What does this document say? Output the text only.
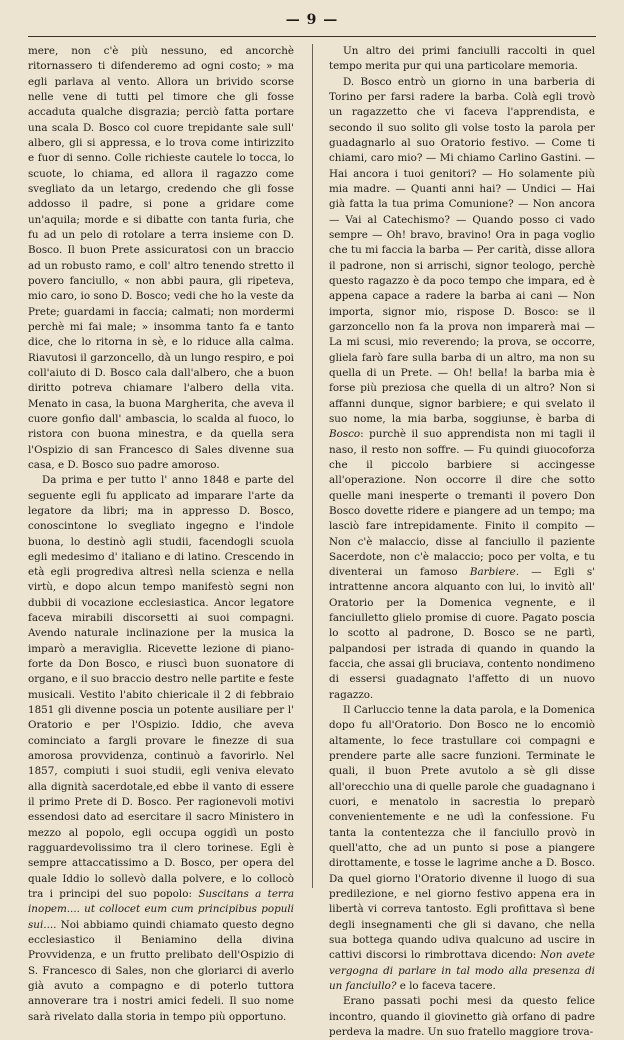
— 9 —

mere, non c'è più nessuno, ed ancorchè ritornassero ti difenderemo ad ogni costo; » ma egli parlava al vento. Allora un brivido scorse nelle vene di tutti pel timore che gli fosse accaduta qualche disgrazia; perciò fatta portare una scala D. Bosco col cuore trepidante sale sull' albero, gli si appressa, e lo trova come intirizzito e fuor di senno. Colle richieste cautele lo tocca, lo scuote, lo chiama, ed allora il ragazzo come svegliato da un letargo, credendo che gli fosse addosso il padre, si pone a gridare come un'aquila; morde e si dibatte con tanta furia, che fu ad un pelo di rotolare a terra insieme con D. Bosco. Il buon Prete assicuratosi con un braccio ad un robusto ramo, e coll' altro tenendo stretto il povero fanciullo, « non abbi paura, gli ripeteva, mio caro, io sono D. Bosco; vedi che ho la veste da Prete; guardami in faccia; calmati; non mordermi perchè mi fai male; » insomma tanto fa e tanto dice, che lo ritorna in sè, e lo riduce alla calma. Riavutosi il garzoncello, dà un lungo respiro, e poi coll'aiuto di D. Bosco cala dall'albero, che a buon diritto potreva chiamare l'albero della vita. Menato in casa, la buona Margherita, che aveva il cuore gonfio dall' ambascia, lo scalda al fuoco, lo ristora con buona minestra, e da quella sera l'Ospizio di san Francesco di Sales divenne sua casa, e D. Bosco suo padre amoroso.

Da prima e per tutto l' anno 1848 e parte del seguente egli fu applicato ad imparare l'arte da legatore da libri; ma in appresso D. Bosco, conoscintone lo svegliato ingegno e l'indole buona, lo destinò agli studii, facendogli scuola egli medesimo d' italiano e di latino. Crescendo in età egli progrediva altresì nella scienza e nella virtù, e dopo alcun tempo manifestò segni non dubbii di vocazione ecclesiastica. Ancor legatore faceva mirabili discorsetti ai suoi compagni. Avendo naturale inclinazione per la musica la imparò a meraviglia. Ricevette lezione di piano-forte da Don Bosco, e riuscì buon suonatore di organo, e il suo braccio destro nelle partite e feste musicali. Vestito l'abito chiericale il 2 di febbraio 1851 gli divenne poscia un potente ausiliare per l' Oratorio e per l'Ospizio. Iddio, che aveva cominciato a fargli provare le finezze di sua amorosa provvidenza, continuò a favorirlo. Nel 1857, compiuti i suoi studii, egli veniva elevato alla dignità sacerdotale,ed ebbe il vanto di essere il primo Prete di D. Bosco. Per ragionevoli motivi essendosi dato ad esercitare il sacro Ministero in mezzo al popolo, egli occupa oggidì un posto ragguardevolissimo tra il clero torinese. Egli è sempre attaccatissimo a D. Bosco, per opera del quale Iddio lo sollevò dalla polvere, e lo collocò tra i principi del suo popolo: Suscitans a terra inopem.... ut collocet eum cum principibus populi sui.... Noi abbiamo quindi chiamato questo degno ecclesiastico il Beniamino della divina Provvidenza, e un frutto prelibato dell'Ospizio di S. Francesco di Sales, non che gloriarci di averlo già avuto a compagno e di poterlo tuttora annoverare tra i nostri amici fedeli. Il suo nome sarà rivelato dalla storia in tempo più opportuno.

Un altro dei primi fanciulli raccolti in quel tempo merita pur qui una particolare memoria.

D. Bosco entrò un giorno in una barberia di Torino per farsi radere la barba. Colà egli trovò un ragazzetto che vi faceva l'apprendista, e secondo il suo solito gli volse tosto la parola per guadagnarlo al suo Oratorio festivo. — Come ti chiami, caro mio? — Mi chiamo Carlino Gastini. — Hai ancora i tuoi genitori? — Ho solamente più mia madre. — Quanti anni hai? — Undici — Hai già fatta la tua prima Comunione? — Non ancora — Vai al Catechismo? — Quando posso ci vado sempre — Oh! bravo, bravino! Ora in paga voglio che tu mi faccia la barba — Per carità, disse allora il padrone, non si arrischi, signor teologo, perchè questo ragazzo è da poco tempo che impara, ed è appena capace a radere la barba ai cani — Non importa, signor mio, rispose D. Bosco: se il garzoncello non fa la prova non imparerà mai — La mi scusi, mio reverendo; la prova, se occorre, gliela farò fare sulla barba di un altro, ma non su quella di un Prete. — Oh! bella! la barba mia è forse più preziosa che quella di un altro? Non si affanni dunque, signor barbiere; e qui svelato il suo nome, la mia barba, soggiunse, è barba di Bosco: purchè il suo apprendista non mi tagli il naso, il resto non soffre. — Fu quindi giuocoforza che il piccolo barbiere si accingesse all'operazione. Non occorre il dire che sotto quelle mani inesperte o tremanti il povero Don Bosco dovette ridere e piangere ad un tempo; ma lasciò fare intrepidamente. Finito il compito — Non c'è malaccio, disse al fanciullo il paziente Sacerdote, non c'è malaccio; poco per volta, e tu diventerai un famoso Barbiere. — Egli s' intrattenne ancora alquanto con lui, lo invitò all' Oratorio per la Domenica vegnente, e il fanciulletto glielo promise di cuore. Pagato poscia lo scotto al padrone, D. Bosco se ne partì, palpandosi per istrada di quando in quando la faccia, che assai gli bruciava, contento nondimeno di essersi guadagnato l'affetto di un nuovo ragazzo.

Il Carluccio tenne la data parola, e la Domenica dopo fu all'Oratorio. Don Bosco ne lo encomiò altamente, lo fece trastullare coi compagni e prendere parte alle sacre funzioni. Terminate le quali, il buon Prete avutolo a sè gli disse all'orecchio una di quelle parole che guadagnano i cuori, e menatolo in sacrestia lo preparò convenientemente e ne udì la confessione. Fu tanta la contentezza che il fanciullo provò in quell'atto, che ad un punto si pose a piangere dirottamente, e tosse le lagrime anche a D. Bosco. Da quel giorno l'Oratorio divenne il luogo di sua predilezione, e nel giorno festivo appena era in libertà vi correva tantosto. Egli profittava sì bene degli insegnamenti che gli si davano, che nella sua bottega quando udiva qualcuno ad uscire in cattivi discorsi lo rimbrottava dicendo: Non avete vergogna di parlare in tal modo alla presenza di un fanciullo? e lo faceva tacere.

Erano passati pochi mesi da questo felice incontro, quando il giovinetto già orfano di padre perdeva la madre. Un suo fratello maggiore trova-
